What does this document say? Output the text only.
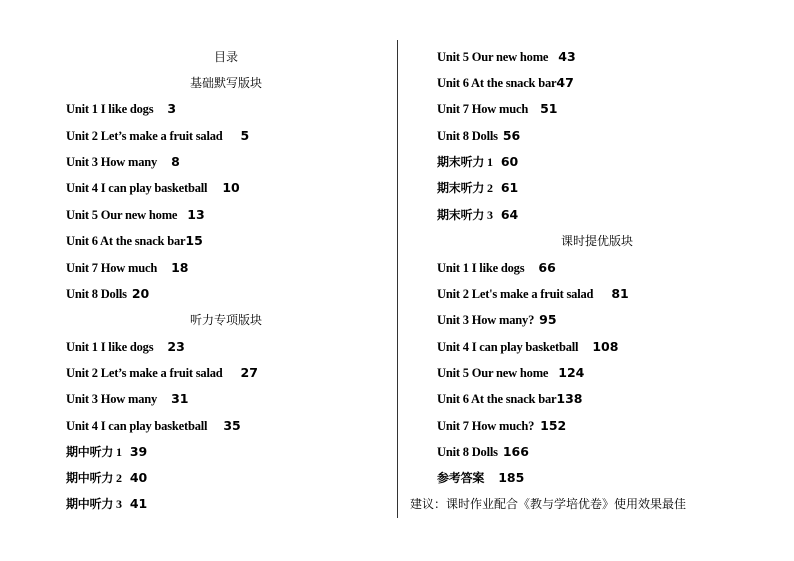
目录
基础默写版块
Unit 1 I like dogs 3
Unit 2 Let’s make a fruit salad 5
Unit 3 How many 8
Unit 4 I can play basketball 10
Unit 5 Our new home 13
Unit 6 At the snack bar15
Unit 7 How much 18
Unit 8 Dolls 20
听力专项版块
Unit 1 I like dogs 23
Unit 2 Let’s make a fruit salad 27
Unit 3 How many 31
Unit 4 I can play basketball 35
期中听力 1 39
期中听力 2 40
期中听力 3 41
Unit 5 Our new home 43
Unit 6 At the snack bar47
Unit 7 How much 51
Unit 8 Dolls 56
期末听力 1 60
期末听力 2 61
期末听力 3 64
课时提优版块
Unit 1 I like dogs 66
Unit 2 Let's make a fruit salad 81
Unit 3 How many? 95
Unit 4 I can play basketball 108
Unit 5 Our new home 124
Unit 6 At the snack bar138
Unit 7 How much? 152
Unit 8 Dolls 166
参考答案 185
建议：课时作业配合《教与学培优卷》使用效果最佳
